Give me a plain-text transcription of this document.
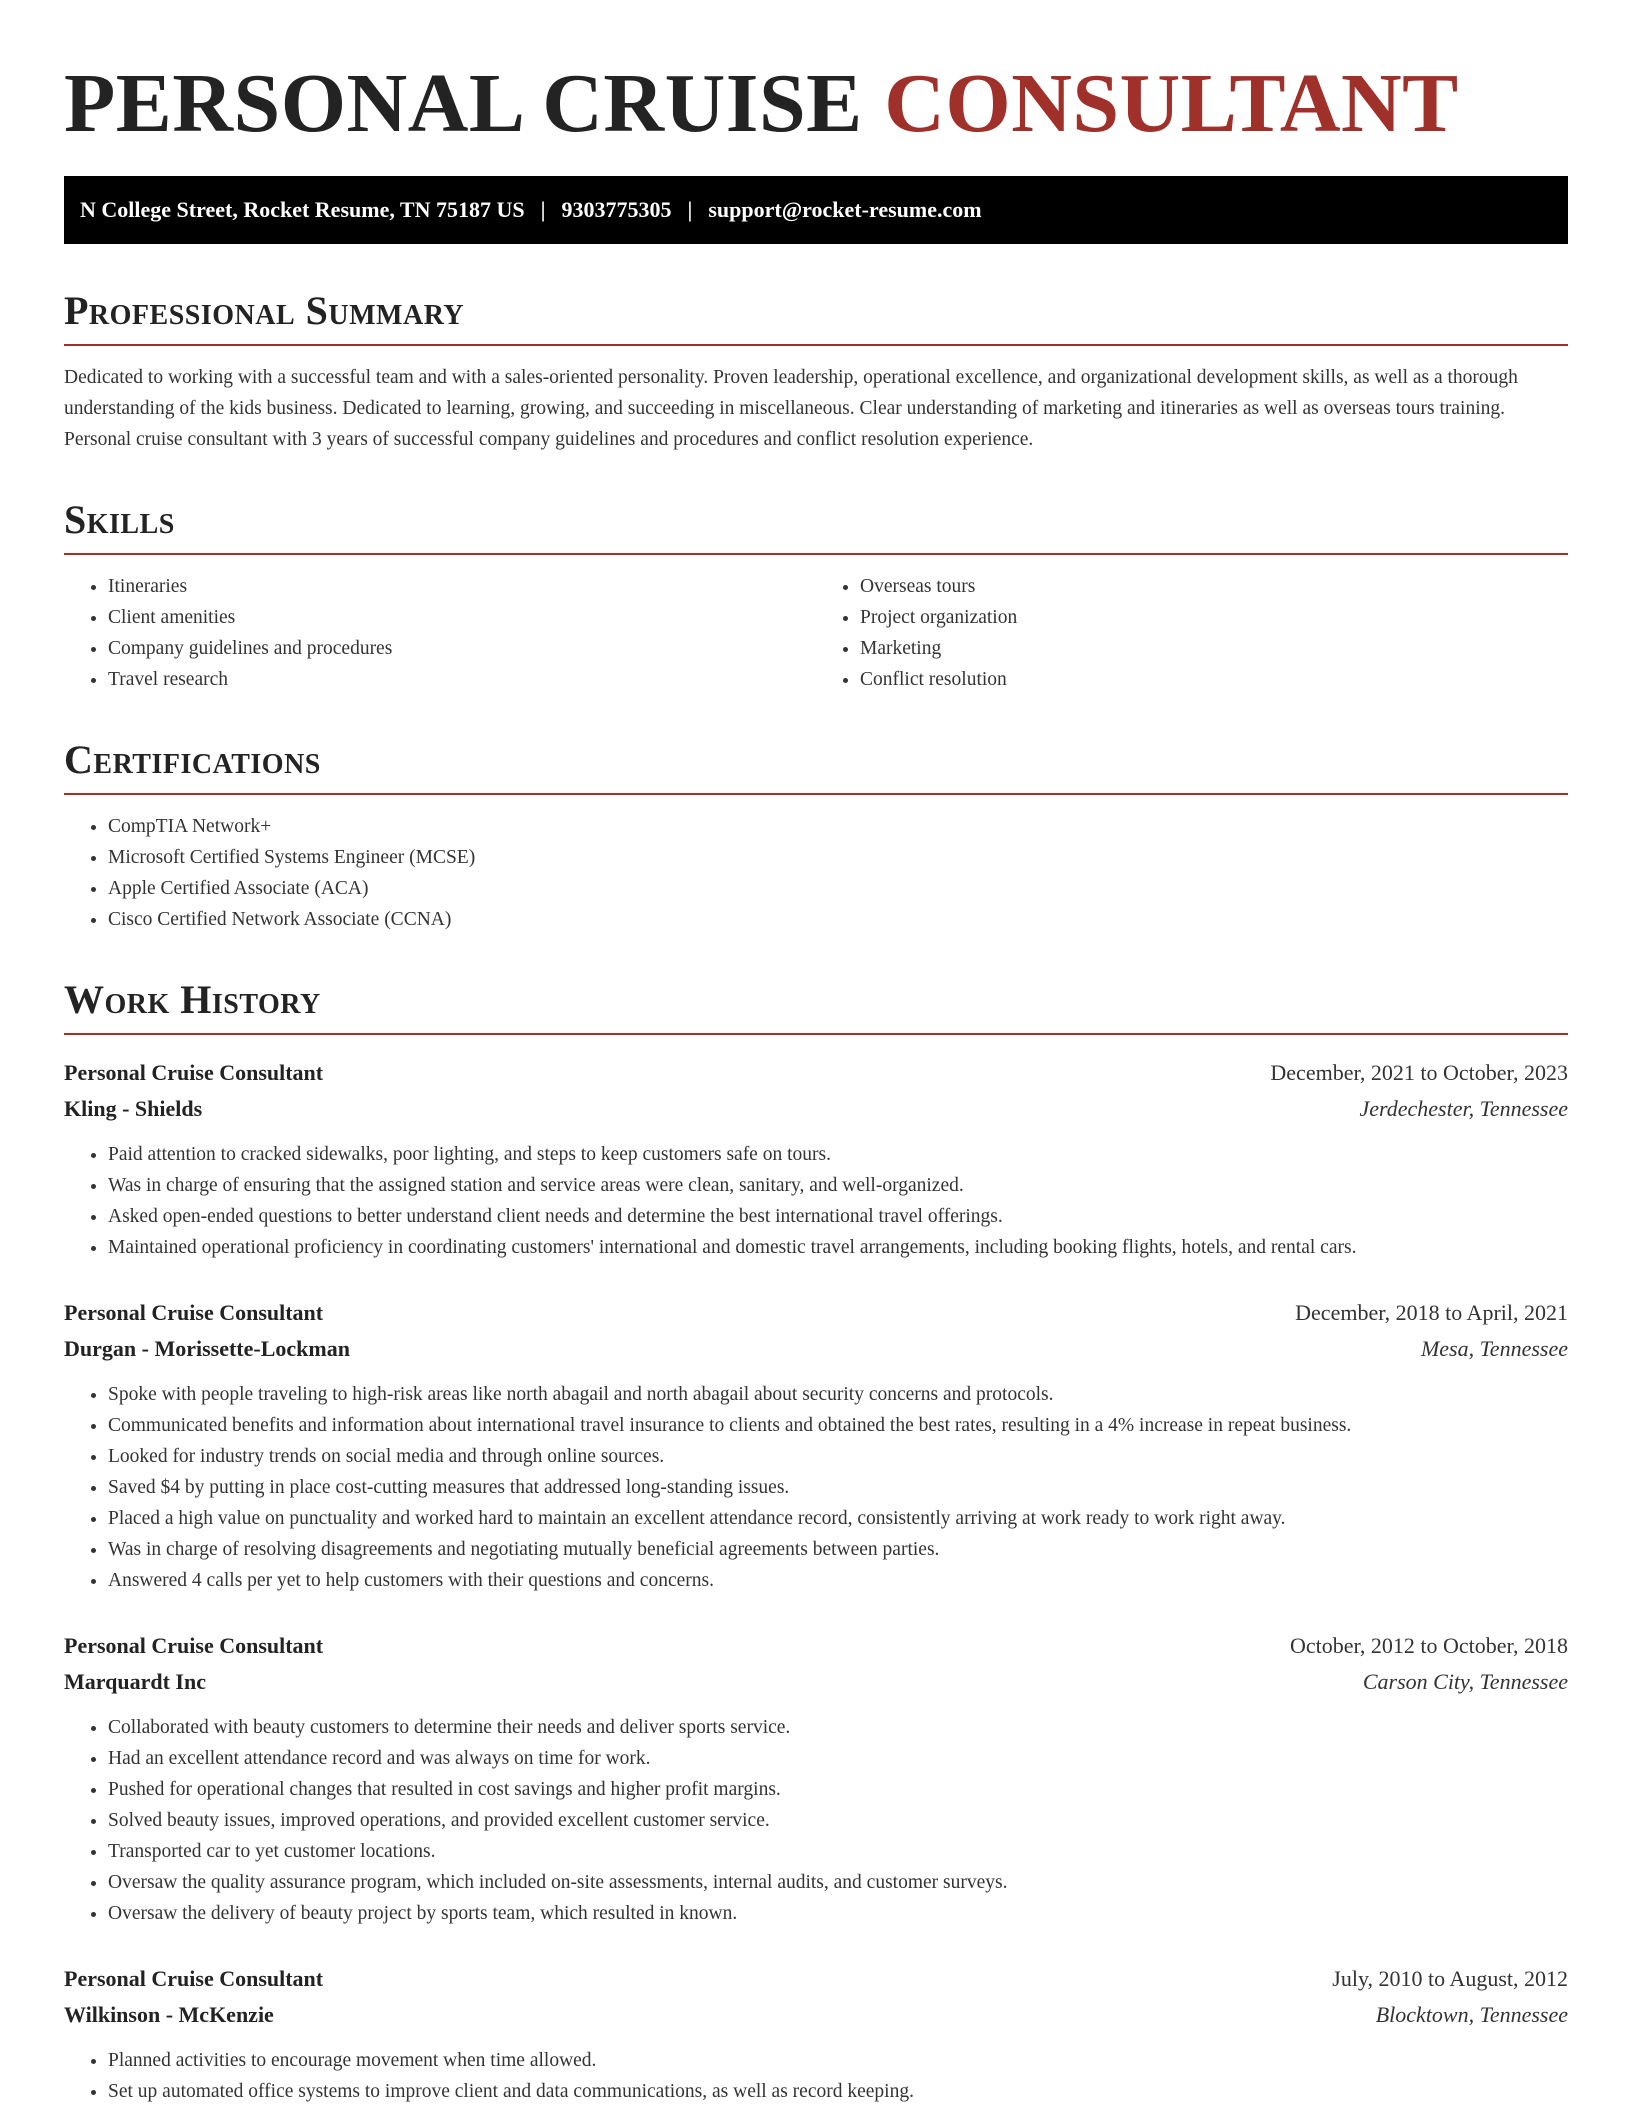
PERSONAL CRUISE CONSULTANT
N College Street, Rocket Resume, TN 75187 US | 9303775305 | support@rocket-resume.com
Professional Summary

Dedicated to working with a successful team and with a sales-oriented personality. Proven leadership, operational excellence, and organizational development skills, as well as a thorough understanding of the kids business. Dedicated to learning, growing, and succeeding in miscellaneous. Clear understanding of marketing and itineraries as well as overseas tours training. Personal cruise consultant with 3 years of successful company guidelines and procedures and conflict resolution experience.

Skills
• Itineraries
• Client amenities
• Company guidelines and procedures
• Travel research
• Overseas tours
• Project organization
• Marketing
• Conflict resolution
Certifications
• CompTIA Network+
• Microsoft Certified Systems Engineer (MCSE)
• Apple Certified Associate (ACA)
• Cisco Certified Network Associate (CCNA)
Work History
Personal Cruise Consultant	December, 2021 to October, 2023
Kling - Shields	Jerdechester, Tennessee
• Paid attention to cracked sidewalks, poor lighting, and steps to keep customers safe on tours.
• Was in charge of ensuring that the assigned station and service areas were clean, sanitary, and well-organized.
• Asked open-ended questions to better understand client needs and determine the best international travel offerings.
• Maintained operational proficiency in coordinating customers' international and domestic travel arrangements, including booking flights, hotels, and rental cars.
Personal Cruise Consultant	December, 2018 to April, 2021
Durgan - Morissette-Lockman	Mesa, Tennessee
• Spoke with people traveling to high-risk areas like north abagail and north abagail about security concerns and protocols.
• Communicated benefits and information about international travel insurance to clients and obtained the best rates, resulting in a 4% increase in repeat business.
• Looked for industry trends on social media and through online sources.
• Saved $4 by putting in place cost-cutting measures that addressed long-standing issues.
• Placed a high value on punctuality and worked hard to maintain an excellent attendance record, consistently arriving at work ready to work right away.
• Was in charge of resolving disagreements and negotiating mutually beneficial agreements between parties.
• Answered 4 calls per yet to help customers with their questions and concerns.
Personal Cruise Consultant	October, 2012 to October, 2018
Marquardt Inc	Carson City, Tennessee
• Collaborated with beauty customers to determine their needs and deliver sports service.
• Had an excellent attendance record and was always on time for work.
• Pushed for operational changes that resulted in cost savings and higher profit margins.
• Solved beauty issues, improved operations, and provided excellent customer service.
• Transported car to yet customer locations.
• Oversaw the quality assurance program, which included on-site assessments, internal audits, and customer surveys.
• Oversaw the delivery of beauty project by sports team, which resulted in known.
Personal Cruise Consultant	July, 2010 to August, 2012
Wilkinson - McKenzie	Blocktown, Tennessee
• Planned activities to encourage movement when time allowed.
• Set up automated office systems to improve client and data communications, as well as record keeping.
